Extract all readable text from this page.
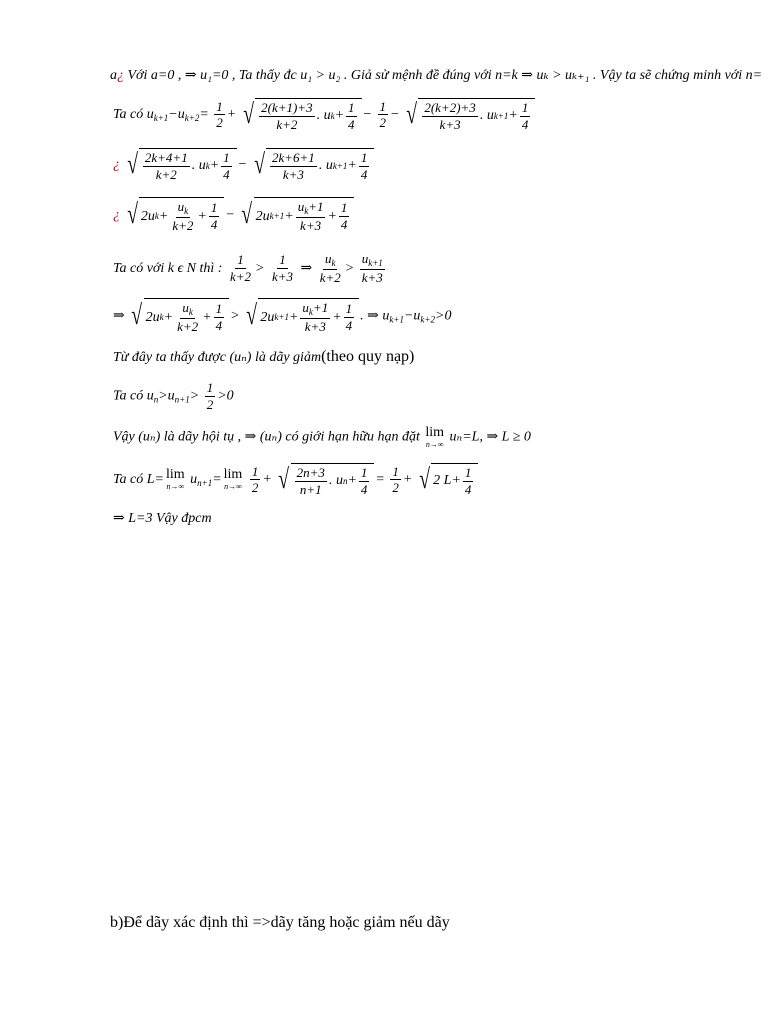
a¿ Với a=0 , ⇒ u₁=0 , Ta thấy đc u₁ > u₂ . Giả sử mệnh đề đúng với n=k ⇒ uₖ > uₖ₊₁ . Vậy ta sẽ chứng minh với n=
Ta có $u_{k+1}-u_{k+2}= \frac{1}{2}$ + √ $\frac{2(k+1)+3}{k+2}$ . u $k + \frac{1}{4} - \frac{1}{2}$ − √ $\frac{2(k+2)+3}{k+3}$ . u $k+1 + \frac{1}{4}$
¿ √ $\frac{2k+4+1}{k+2}$ . u $k + \frac{1}{4}$ − √ $\frac{2k+6+1}{k+3}$ . u $k+1 + \frac{1}{4}$
¿ √ 2u $k + \frac{u_k}{k+2} + \frac{1}{4}$ − √ 2u $k+1 + \frac{u_k+1}{k+3} + \frac{1}{4}$
Ta có với k ϵ N thì : $\frac{1}{k+2} > \frac{1}{k+3}$ ⇒ $\frac{u_k}{k+2} > \frac{u_{k+1}}{k+3}$
⇒ √ 2u $k + \frac{u_k}{k+2} + \frac{1}{4}$ > √ 2u $k+1 + \frac{u_k+1}{k+3} + \frac{1}{4}$ . ⇒ $u_{k+1}-u_{k+2}>0$
Từ đây ta thấy được (uₙ) là dãy giảm(theo quy nạp)
Ta có $u_n>u_{n+1}> \frac{1}{2} >0$
Vậy (uₙ) là dãy hội tụ , ⇒ (uₙ) có giới hạn hữu hạn đặt lim
n→∞ uₙ=L, ⇒ L ≥ 0
Ta có L= lim
n→∞ $u_{n+1}= \lim$
n→∞
$\frac{1}{2}$ + √ $\frac{2n+3}{n+1}$ . u $n + \frac{1}{4} = \frac{1}{2}$ + √ 2 $L+ \frac{1}{4}$
⇒ L=3 Vậy đpcm
b)Để dãy xác định thì =>dãy tăng hoặc giảm nếu dãy
